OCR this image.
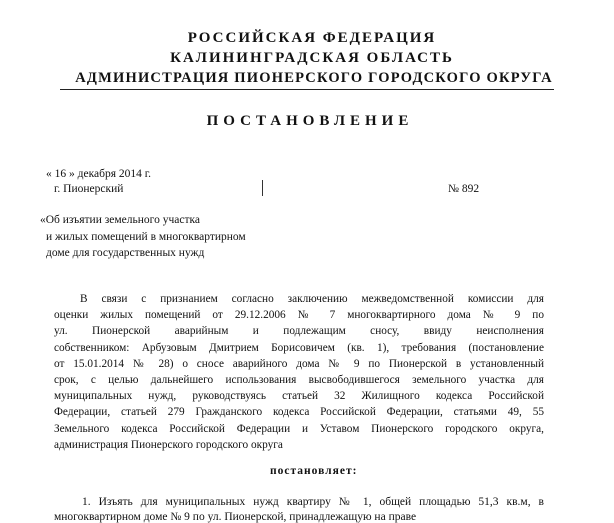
РОССИЙСКАЯ ФЕДЕРАЦИЯ
КАЛИНИНГРАДСКАЯ ОБЛАСТЬ
АДМИНИСТРАЦИЯ ПИОНЕРСКОГО ГОРОДСКОГО ОКРУГА
ПОСТАНОВЛЕНИЕ
« 16 » декабря 2014 г.
г. Пионерский	№ 892
«Об изъятии земельного участка
и жилых помещений в многоквартирном
доме для государственных нужд
В связи с признанием согласно заключению межведомственной комиссии для
оценки жилых помещений от 29.12.2006 № 7 многоквартирного дома № 9 по
ул. Пионерской аварийным и подлежащим сносу, ввиду неисполнения
собственником: Арбузовым Дмитрием Борисовичем (кв. 1), требования (постановление
от 15.01.2014 № 28) о сносе аварийного дома № 9 по Пионерской в установленный
срок, с целью дальнейшего использования высвободившегося земельного участка для
муниципальных нужд, руководствуясь статьей 32 Жилищного кодекса Российской
Федерации, статьей 279 Гражданского кодекса Российской Федерации, статьями 49, 55
Земельного кодекса Российской Федерации и Уставом Пионерского городского округа,
администрация Пионерского городского округа
постановляет:
1. Изъять для муниципальных нужд квартиру № 1, общей площадью 51,3 кв.м, в
многоквартирном доме № 9 по ул. Пионерской, принадлежащую на праве
